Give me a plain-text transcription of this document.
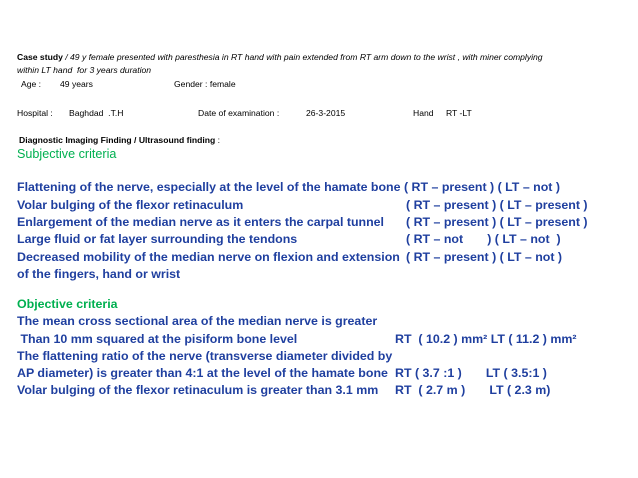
Case study / 49 y female presented with paresthesia in RT hand with pain extended from RT arm down to the wrist , with miner complying
within LT hand  for 3 years duration
Age : 49 years	Gender : female
Hospital : Baghdad  .T.H	Date of examination :	26-3-2015	Hand RT -LT
Diagnostic Imaging Finding / Ultrasound finding :
Subjective criteria
Flattening of the nerve, especially at the level of the hamate bone ( RT – present ) ( LT – not )
Volar bulging of the flexor retinaculum	( RT – present ) ( LT – present )
Enlargement of the median nerve as it enters the carpal tunnel ( RT – present ) ( LT – present )
Large fluid or fat layer surrounding the tendons	( RT – not       ) ( LT – not  )
Decreased mobility of the median nerve on flexion and extension ( RT – present ) ( LT – not )
of the fingers, hand or wrist
Objective criteria
The mean cross sectional area of the median nerve is greater
Than 10 mm squared at the pisiform bone level	RT  ( 10.2 ) mm² LT ( 11.2 ) mm²
The flattening ratio of the nerve (transverse diameter divided by
AP diameter) is greater than 4:1 at the level of the hamate bone RT ( 3.7 :1 )       LT ( 3.5:1 )
Volar bulging of the flexor retinaculum is greater than 3.1 mm RT  ( 2.7 m )       LT ( 2.3 m)
